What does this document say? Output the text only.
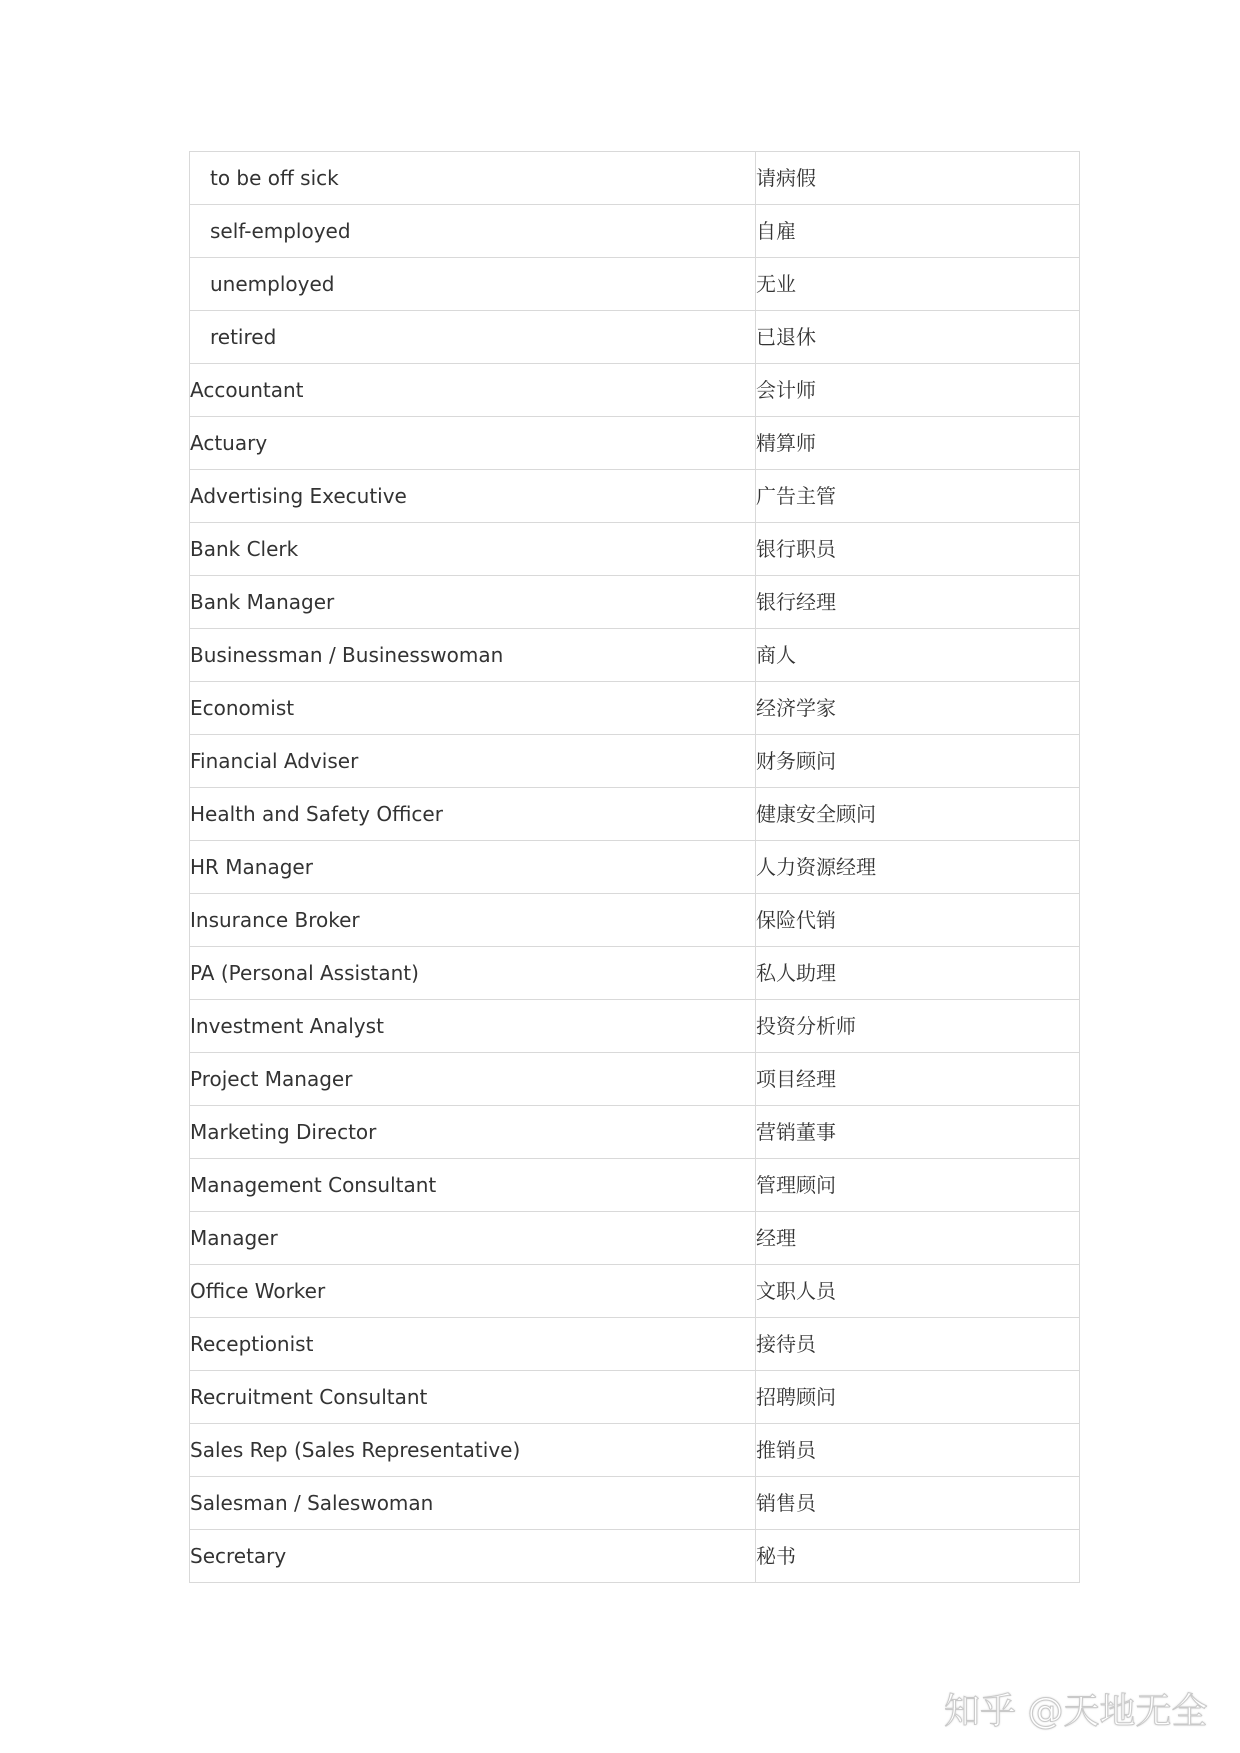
to be off sick	请病假
self-employed	自雇
unemployed	无业
retired	已退休
Accountant	会计师
Actuary	精算师
Advertising Executive	广告主管
Bank Clerk	银行职员
Bank Manager	银行经理
Businessman / Businesswoman	商人
Economist	经济学家
Financial Adviser	财务顾问
Health and Safety Officer	健康安全顾问
HR Manager	人力资源经理
Insurance Broker	保险代销
PA (Personal Assistant)	私人助理
Investment Analyst	投资分析师
Project Manager	项目经理
Marketing Director	营销董事
Management Consultant	管理顾问
Manager	经理
Office Worker	文职人员
Receptionist	接待员
Recruitment Consultant	招聘顾问
Sales Rep (Sales Representative)	推销员
Salesman / Saleswoman	销售员
Secretary	秘书
知乎 @天地无全
